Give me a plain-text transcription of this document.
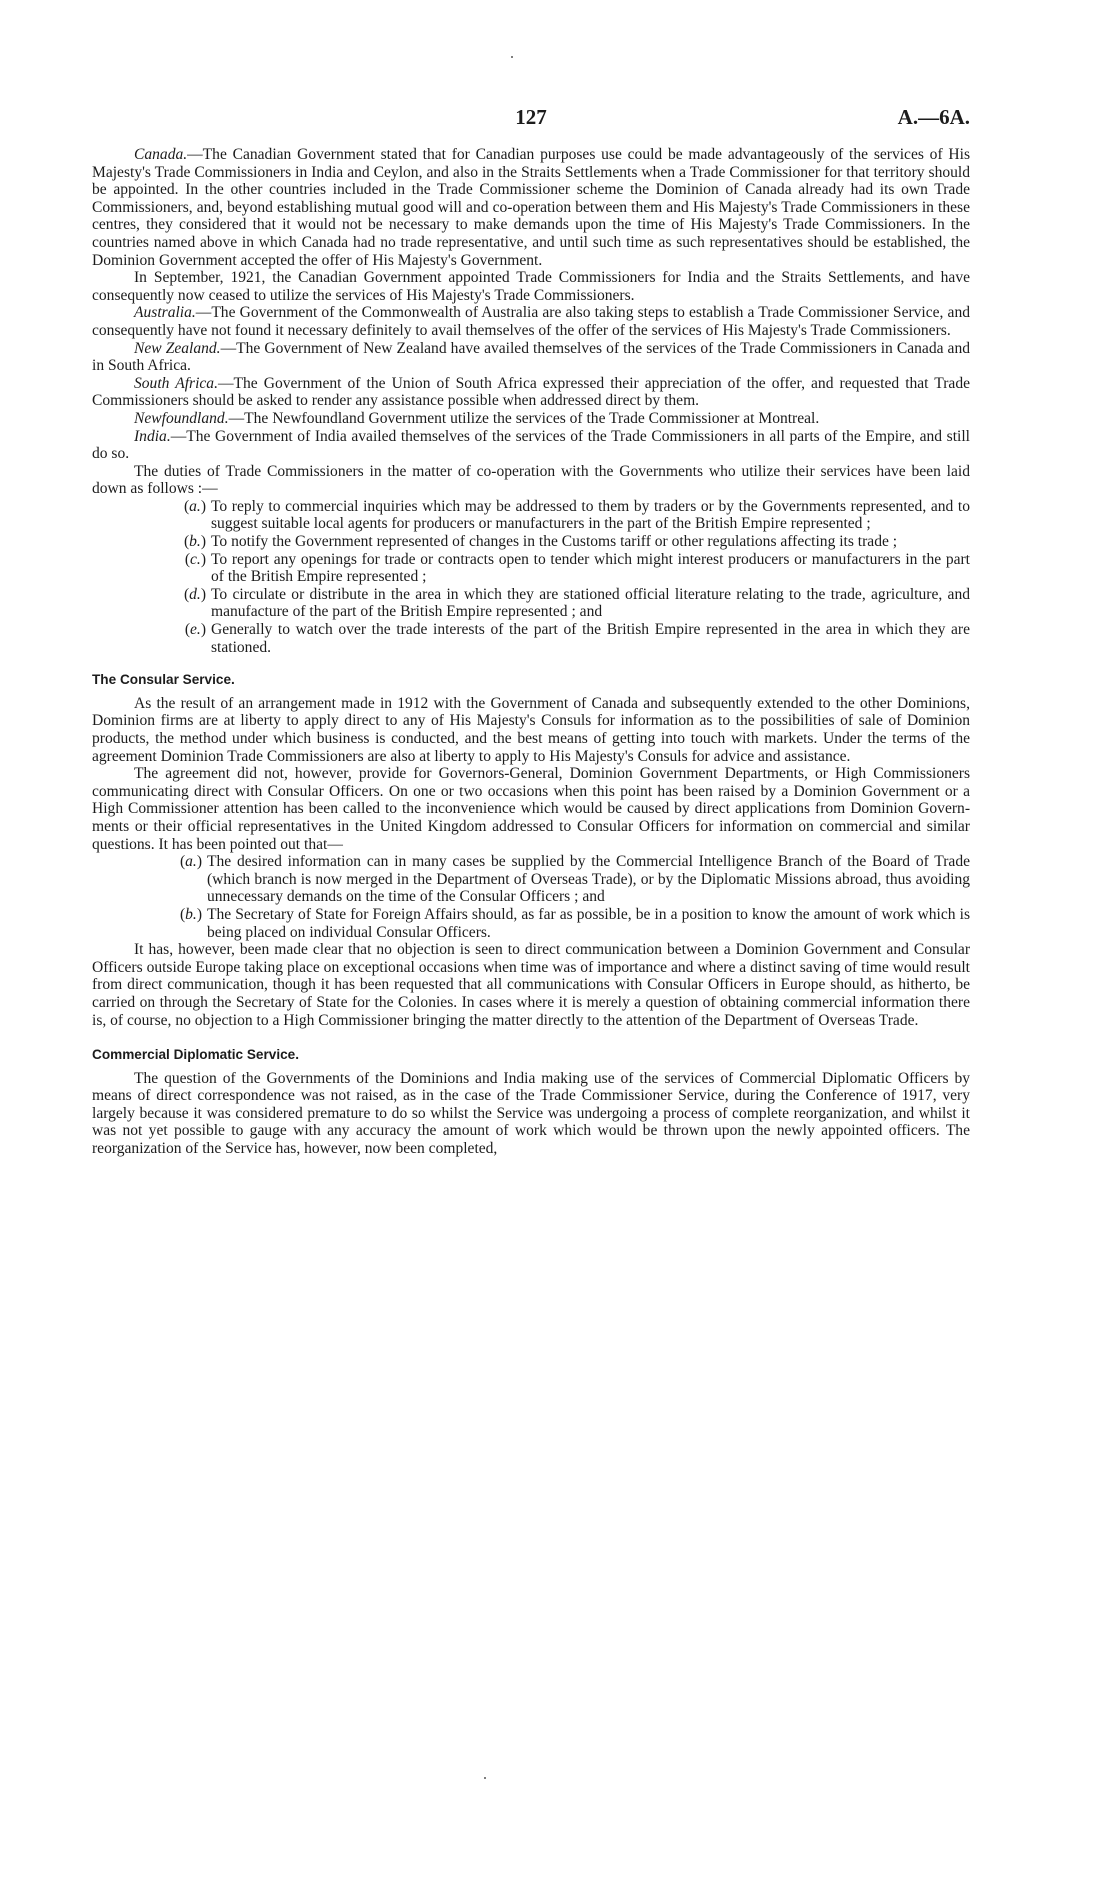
127	A.—6A.

Canada.—The Canadian Government stated that for Canadian purposes use could be made advantageously of the services of His Majesty's Trade Commissioners in India and Ceylon, and also in the Straits Settlements when a Trade Commissioner for that territory should be appointed. In the other countries included in the Trade Commissioner scheme the Dominion of Canada already had its own Trade Commissioners, and, beyond establishing mutual good will and co-operation between them and His Majesty's Trade Commissioners in these centres, they considered that it would not be necessary to make demands upon the time of His Majesty's Trade Commissioners. In the countries named above in which Canada had no trade representative, and until such time as such representatives should be established, the Dominion Government accepted the offer of His Majesty's Government.

In September, 1921, the Canadian Government appointed Trade Commissioners for India and the Straits Settlements, and have consequently now ceased to utilize the services of His Majesty's Trade Commissioners.

Australia.—The Government of the Commonwealth of Australia are also taking steps to establish a Trade Commissioner Service, and consequently have not found it necessary definitely to avail themselves of the offer of the services of His Majesty's Trade Commissioners.

New Zealand.—The Government of New Zealand have availed themselves of the services of the Trade Commissioners in Canada and in South Africa.

South Africa.—The Government of the Union of South Africa expressed their appreciation of the offer, and requested that Trade Commissioners should be asked to render any assistance possible when addressed direct by them.

Newfoundland.—The Newfoundland Government utilize the services of the Trade Commissioner at Montreal.

India.—The Government of India availed themselves of the services of the Trade Commissioners in all parts of the Empire, and still do so.

The duties of Trade Commissioners in the matter of co-operation with the Governments who utilize their services have been laid down as follows :—

(a.) To reply to commercial inquiries which may be addressed to them by traders or by the Governments represented, and to suggest suitable local agents for producers or manufacturers in the part of the British Empire represented ;
(b.) To notify the Government represented of changes in the Customs tariff or other regulations affecting its trade ;
(c.) To report any openings for trade or contracts open to tender which might interest producers or manufacturers in the part of the British Empire represented ;
(d.) To circulate or distribute in the area in which they are stationed official literature relating to the trade, agriculture, and manufacture of the part of the British Empire represented ; and
(e.) Generally to watch over the trade interests of the part of the British Empire represented in the area in which they are stationed.
The Consular Service.

As the result of an arrangement made in 1912 with the Government of Canada and subsequently extended to the other Dominions, Dominion firms are at liberty to apply direct to any of His Majesty's Consuls for information as to the possibilities of sale of Dominion products, the method under which business is conducted, and the best means of getting into touch with markets. Under the terms of the agreement Dominion Trade Commissioners are also at liberty to apply to His Majesty's Consuls for advice and assistance.

The agreement did not, however, provide for Governors-General, Dominion Government Departments, or High Commissioners communicating direct with Consular Officers. On one or two occasions when this point has been raised by a Dominion Government or a High Commissioner attention has been called to the inconvenience which would be caused by direct applications from Dominion Governments or their official representatives in the United Kingdom addressed to Consular Officers for information on commercial and similar questions. It has been pointed out that—

(a.) The desired information can in many cases be supplied by the Commercial Intelligence Branch of the Board of Trade (which branch is now merged in the Department of Overseas Trade), or by the Diplomatic Missions abroad, thus avoiding unnecessary demands on the time of the Consular Officers ; and
(b.) The Secretary of State for Foreign Affairs should, as far as possible, be in a position to know the amount of work which is being placed on individual Consular Officers.

It has, however, been made clear that no objection is seen to direct communication between a Dominion Government and Consular Officers outside Europe taking place on exceptional occasions when time was of importance and where a distinct saving of time would result from direct communication, though it has been requested that all communications with Consular Officers in Europe should, as hitherto, be carried on through the Secretary of State for the Colonies. In cases where it is merely a question of obtaining commercial information there is, of course, no objection to a High Commissioner bringing the matter directly to the attention of the Department of Overseas Trade.

Commercial Diplomatic Service.

The question of the Governments of the Dominions and India making use of the services of Commercial Diplomatic Officers by means of direct correspondence was not raised, as in the case of the Trade Commissioner Service, during the Conference of 1917, very largely because it was considered premature to do so whilst the Service was undergoing a process of complete reorganization, and whilst it was not yet possible to gauge with any accuracy the amount of work which would be thrown upon the newly appointed officers. The reorganization of the Service has, however, now been completed,
